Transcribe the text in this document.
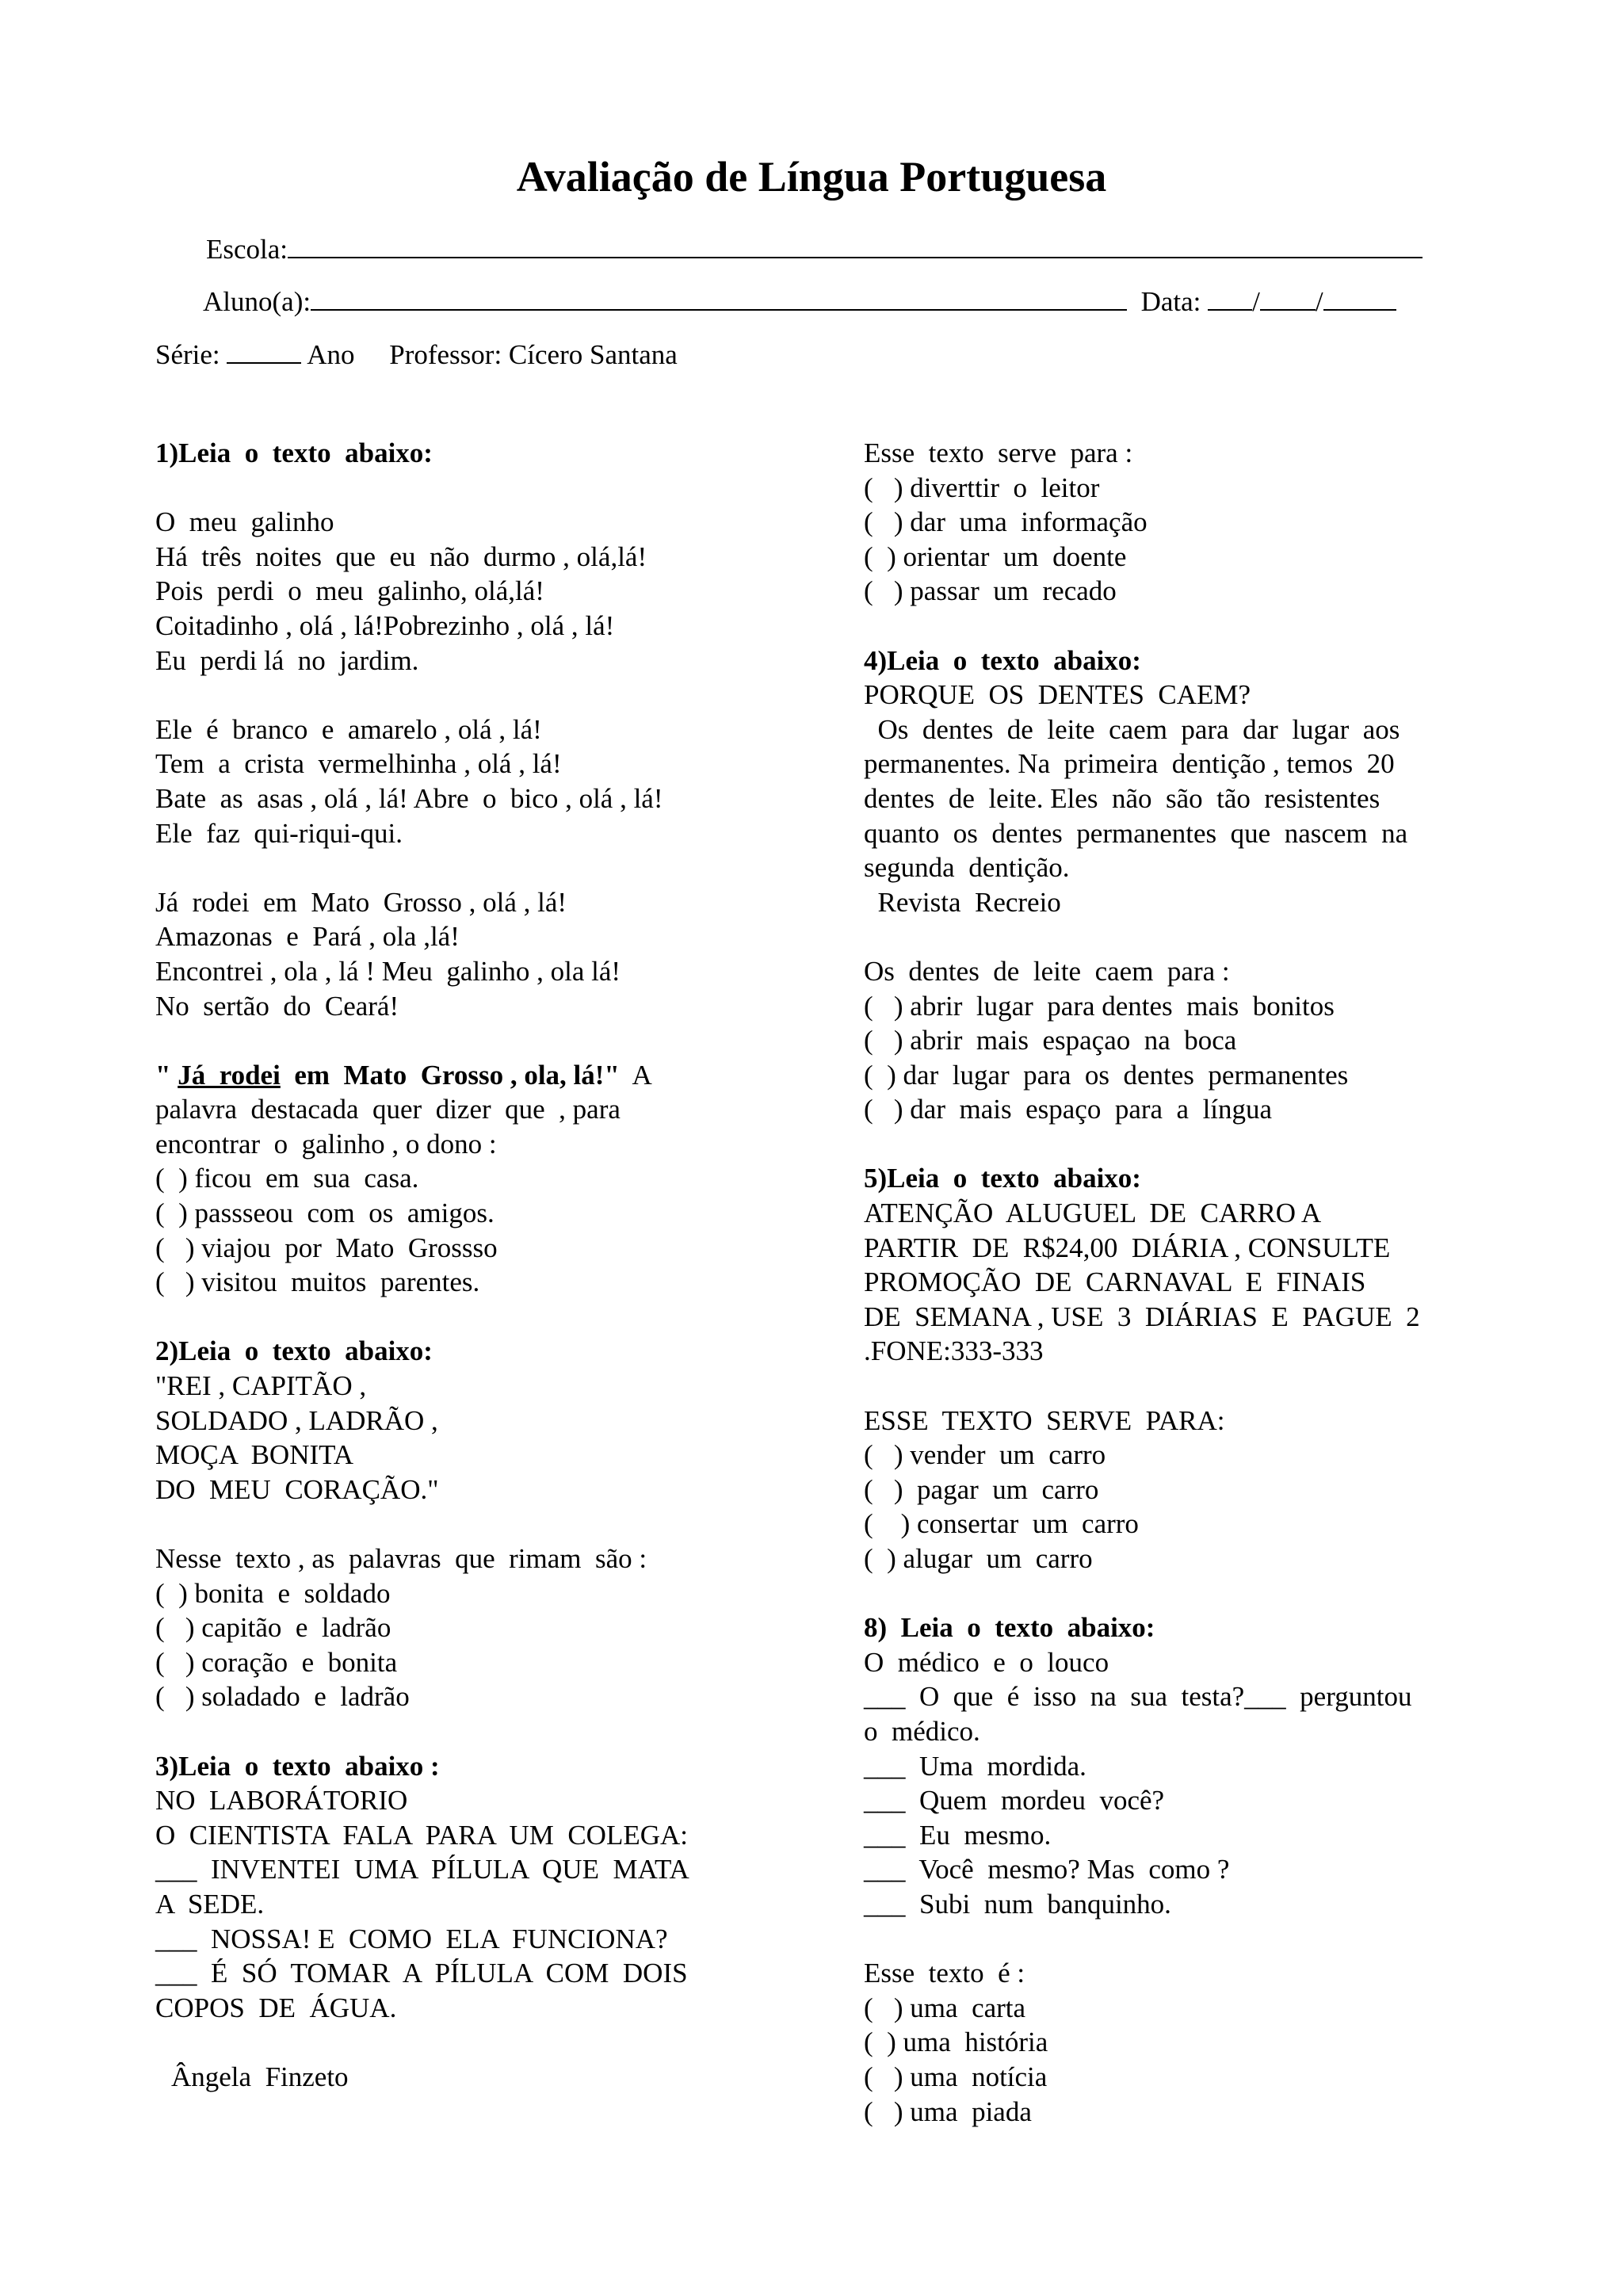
Avaliação de Língua Portuguesa
Escola:
Aluno(a):	Data: / /
Série:	Ano Professor: Cícero Santana
1)Leia  o  texto  abaixo:
O  meu  galinho
Há  três  noites  que  eu  não  durmo , olá,lá!
Pois  perdi  o  meu  galinho, olá,lá!
Coitadinho , olá , lá!Pobrezinho , olá , lá!
Eu  perdi lá  no  jardim.
Ele  é  branco  e  amarelo , olá , lá!
Tem  a  crista  vermelhinha , olá , lá!
Bate  as  asas , olá , lá! Abre  o  bico , olá , lá!
Ele  faz  qui-riqui-qui.
Já  rodei  em  Mato  Grosso , olá , lá!
Amazonas  e  Pará , ola ,lá!
Encontrei , ola , lá ! Meu  galinho , ola lá!
No  sertão  do  Ceará!
" Já  rodei  em  Mato  Grosso , ola, lá!"  A
palavra  destacada  quer  dizer  que  , para
encontrar  o  galinho , o dono :
(  ) ficou  em  sua  casa.
(  ) passseou  com  os  amigos.
(   ) viajou  por  Mato  Grossso
(   ) visitou  muitos  parentes.
2)Leia  o  texto  abaixo:
"REI , CAPITÃO ,
SOLDADO , LADRÃO ,
MOÇA  BONITA
DO  MEU  CORAÇÃO."
Nesse  texto , as  palavras  que  rimam  são :
(  ) bonita  e  soldado
(   ) capitão  e  ladrão
(   ) coração  e  bonita
(   ) soladado  e  ladrão
3)Leia  o  texto  abaixo :
NO  LABORÁTORIO
O  CIENTISTA  FALA  PARA  UM  COLEGA:
___  INVENTEI  UMA  PÍLULA  QUE  MATA
A  SEDE.
___  NOSSA! E  COMO  ELA  FUNCIONA?
___  É  SÓ  TOMAR  A  PÍLULA  COM  DOIS
COPOS  DE  ÁGUA.
Ângela  Finzeto
Esse  texto  serve  para :
(   ) diverttir  o  leitor
(   ) dar  uma  informação
(  ) orientar  um  doente
(   ) passar  um  recado
4)Leia  o  texto  abaixo:
PORQUE  OS  DENTES  CAEM?
Os  dentes  de  leite  caem  para  dar  lugar  aos
permanentes. Na  primeira  dentição , temos  20
dentes  de  leite. Eles  não  são  tão  resistentes
quanto  os  dentes  permanentes  que  nascem  na
segunda  dentição.
Revista  Recreio
Os  dentes  de  leite  caem  para :
(   ) abrir  lugar  para dentes  mais  bonitos
(   ) abrir  mais  espaçao  na  boca
(  ) dar  lugar  para  os  dentes  permanentes
(   ) dar  mais  espaço  para  a  língua
5)Leia  o  texto  abaixo:
ATENÇÃO  ALUGUEL  DE  CARRO A
PARTIR  DE  R$24,00  DIÁRIA , CONSULTE
PROMOÇÃO  DE  CARNAVAL  E  FINAIS
DE  SEMANA , USE  3  DIÁRIAS  E  PAGUE  2
.FONE:333-333
ESSE  TEXTO  SERVE  PARA:
(   ) vender  um  carro
(   )  pagar  um  carro
(    ) consertar  um  carro
(  ) alugar  um  carro
8)  Leia  o  texto  abaixo:
O  médico  e  o  louco
___  O  que  é  isso  na  sua  testa?___  perguntou
o  médico.
___  Uma  mordida.
___  Quem  mordeu  você?
___  Eu  mesmo.
___  Você  mesmo? Mas  como ?
___  Subi  num  banquinho.
Esse  texto  é :
(   ) uma  carta
(  ) uma  história
(   ) uma  notícia
(   ) uma  piada
